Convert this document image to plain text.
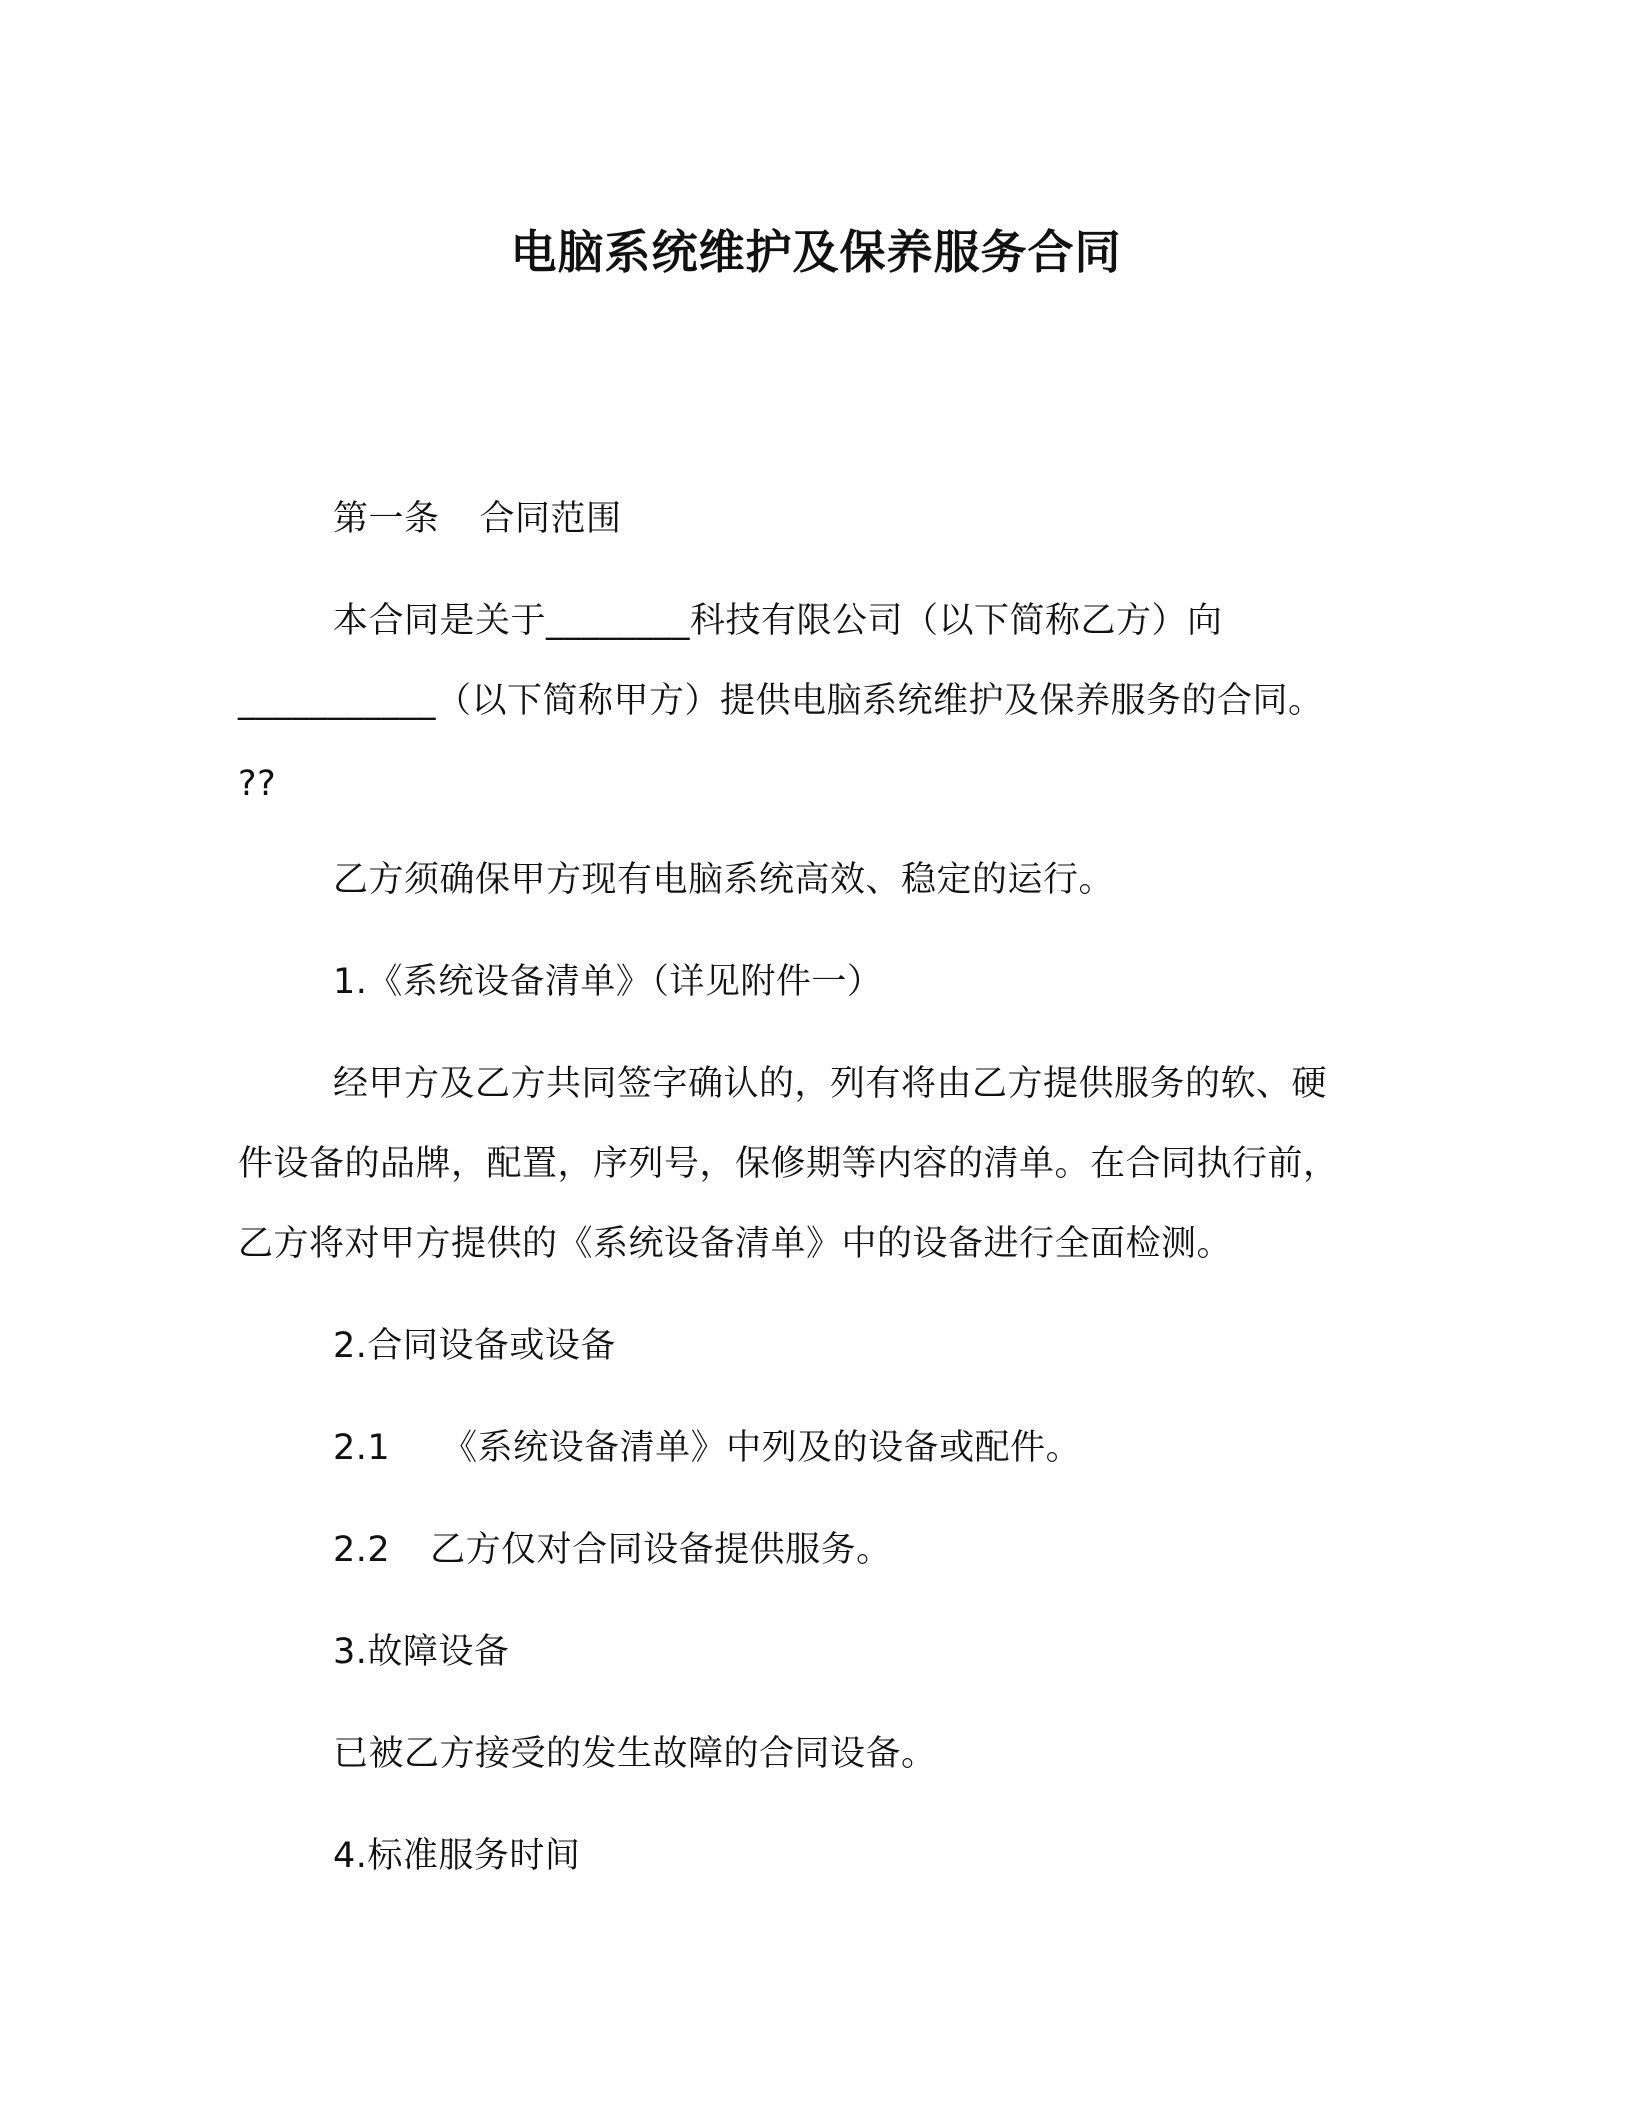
电脑系统维护及保养服务合同
第一条 合同范围
本合同是关于________科技有限公司（以下简称乙方）向
___________（以下简称甲方）提供电脑系统维护及保养服务的合同。
??
乙方须确保甲方现有电脑系统高效、稳定的运行。
1.《系统设备清单》（详见附件一）
经甲方及乙方共同签字确认的，列有将由乙方提供服务的软、硬
件设备的品牌，配置，序列号，保修期等内容的清单。在合同执行前，
乙方将对甲方提供的《系统设备清单》中的设备进行全面检测。
2.合同设备或设备
2.1 《系统设备清单》中列及的设备或配件。
2.2 乙方仅对合同设备提供服务。
3.故障设备
已被乙方接受的发生故障的合同设备。
4.标准服务时间
